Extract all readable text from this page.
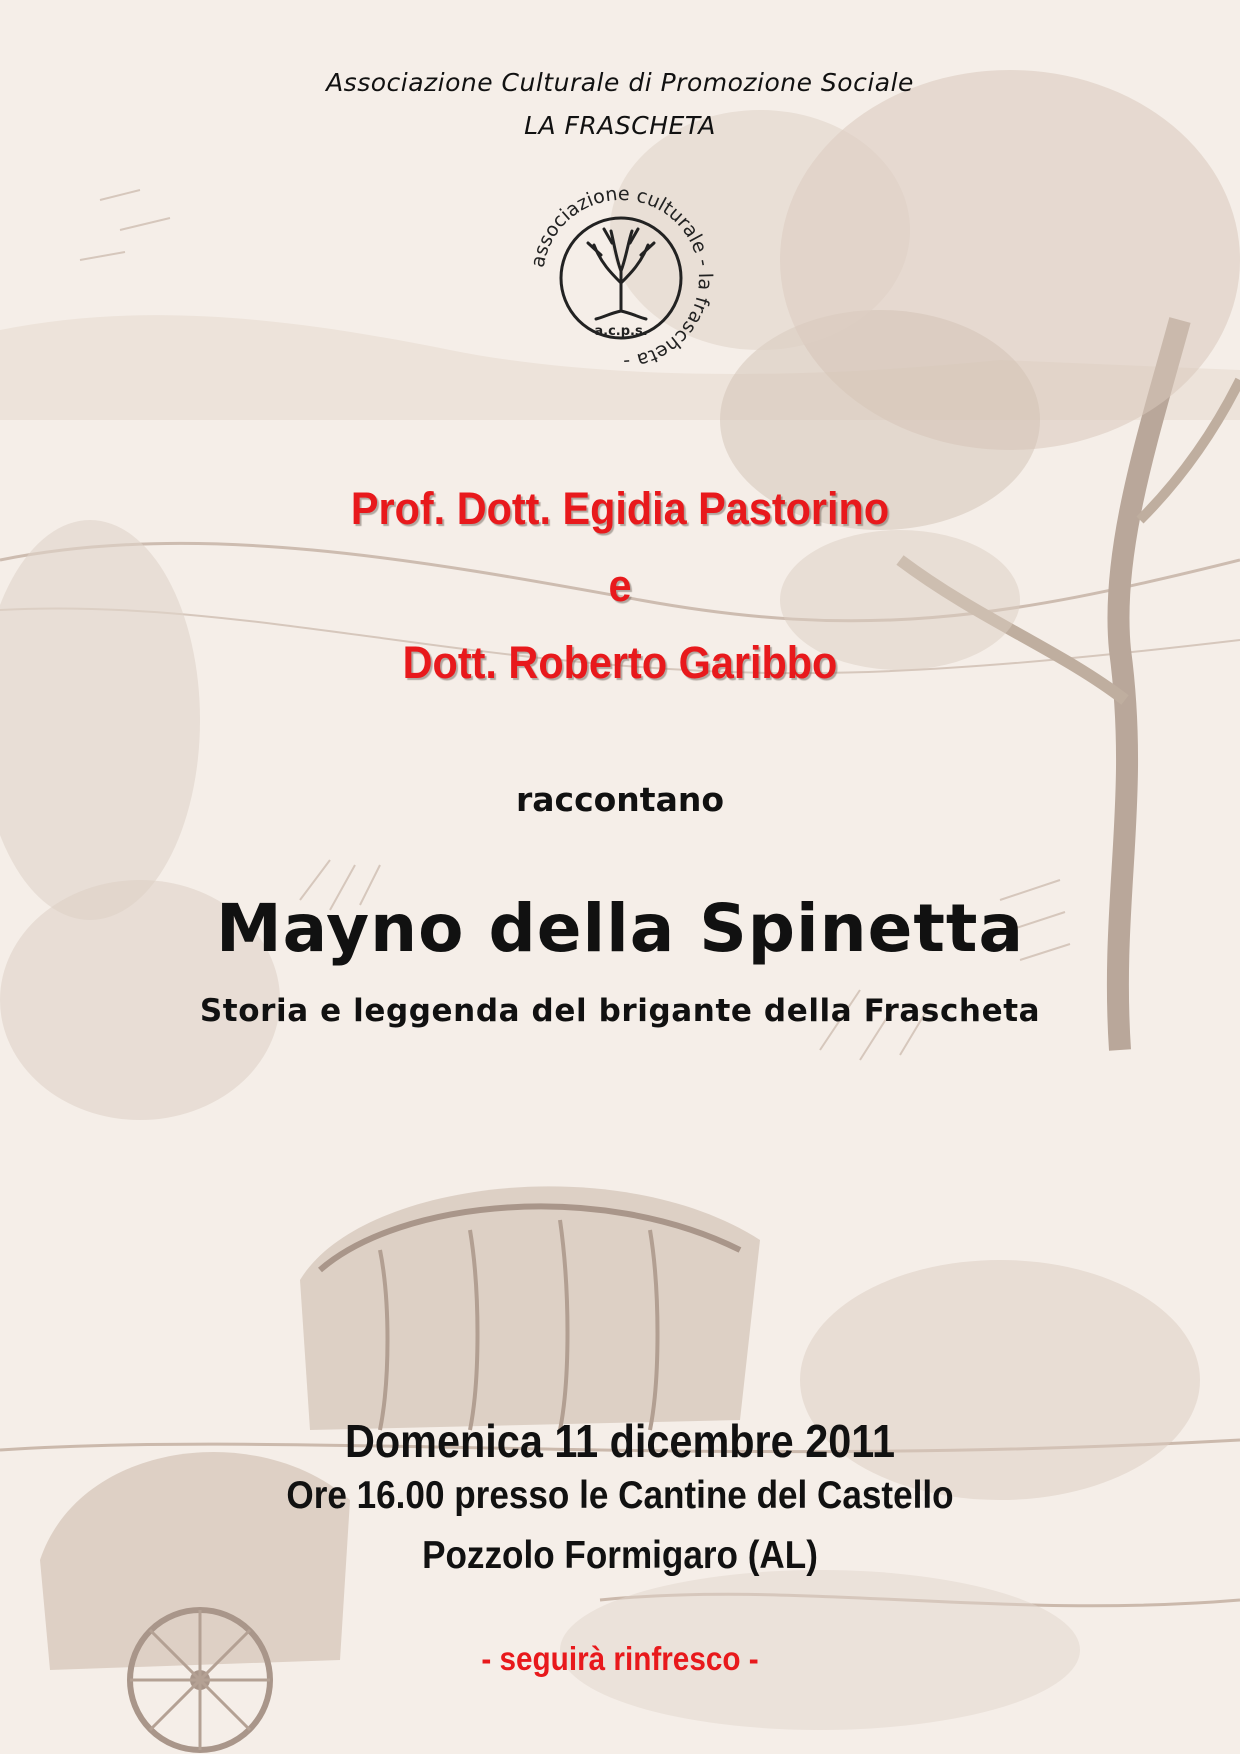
Associazione Culturale di Promozione Sociale
LA FRASCHETA
associazione culturale - la frascheta -
a.c.p.s.
Prof. Dott. Egidia Pastorino
e
Dott. Roberto Garibbo
raccontano
Mayno della Spinetta
Storia e leggenda del brigante della Frascheta
Domenica 11 dicembre 2011
Ore 16.00 presso le Cantine del Castello
Pozzolo Formigaro (AL)
- seguirà rinfresco -
